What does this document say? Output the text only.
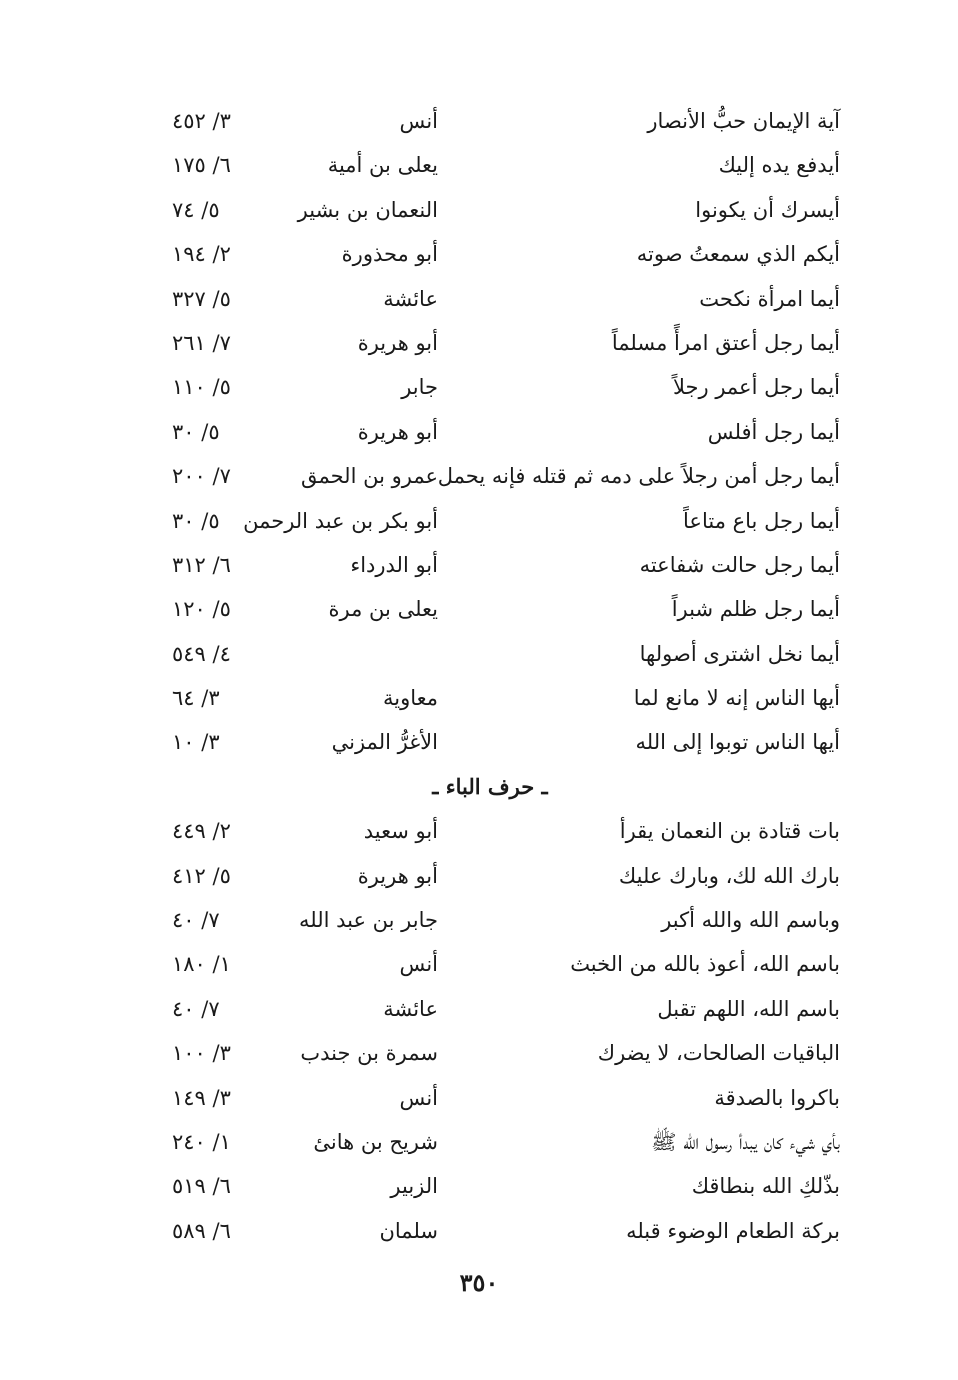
آية الإيمان حبُّ الأنصار
أنس
٣/ ٤٥٢
أيدفع يده إليك
يعلى بن أمية
٦/ ١٧٥
أيسرك أن يكونوا
النعمان بن بشير
٥/ ٧٤
أيكم الذي سمعتُ صوته
أبو محذورة
٢/ ١٩٤
أيما امرأة نكحت
عائشة
٥/ ٣٢٧
أيما رجل أعتق امرأً مسلماً
أبو هريرة
٧/ ٢٦١
أيما رجل أعمر رجلاً
جابر
٥/ ١١٠
أيما رجل أفلس
أبو هريرة
٥/ ٣٠
أيما رجل أمن رجلاً على دمه ثم قتله فإنه يحمل
عمرو بن الحمق
٧/ ٢٠٠
أيما رجل باع متاعاً
أبو بكر بن عبد الرحمن
٥/ ٣٠
أيما رجل حالت شفاعته
أبو الدرداء
٦/ ٣١٢
أيما رجل ظلم شبراً
يعلى بن مرة
٥/ ١٢٠
أيما نخل اشترى أصولها
٤/ ٥٤٩
أيها الناس إنه لا مانع لما
معاوية
٣/ ٦٤
أيها الناس توبوا إلى الله
الأغرُّ المزني
٣/ ١٠
ـ حرف الباء ـ
بات قتادة بن النعمان يقرأ
أبو سعيد
٢/ ٤٤٩
بارك الله لك، وبارك عليك
أبو هريرة
٥/ ٤١٢
وباسم الله والله أكبر
جابر بن عبد الله
٧/ ٤٠
باسم الله، أعوذ بالله من الخبث
أنس
١/ ١٨٠
باسم الله، اللهم تقبل
عائشة
٧/ ٤٠
الباقيات الصالحات، لا يضرك
سمرة بن جندب
٣/ ١٠٠
باكروا بالصدقة
أنس
٣/ ١٤٩
بأي شيء كان يبدأ رسول الله ﷺ
شريح بن هانئ
١/ ٢٤٠
بذّلكِ الله بنطاقك
الزبير
٦/ ٥١٩
بركة الطعام الوضوء قبله
سلمان
٦/ ٥٨٩
٣٥٠
